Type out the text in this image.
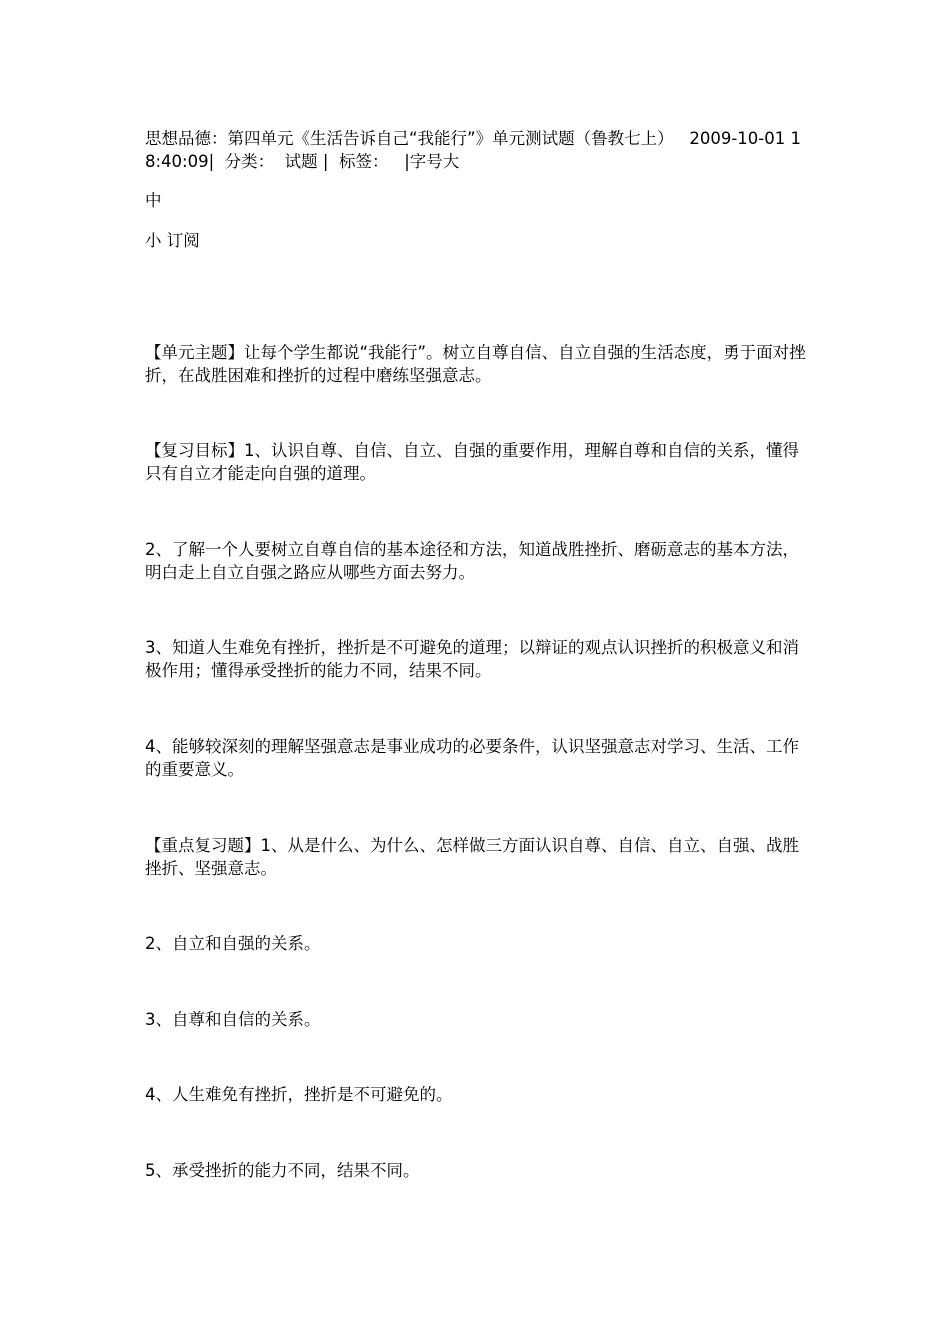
思想品德：第四单元《生活告诉自己“我能行”》单元测试题（鲁教七上） 2009-10-01 18:40:09| 分类： 试题 | 标签： |字号大

中

小 订阅

【单元主题】让每个学生都说“我能行”。树立自尊自信、自立自强的生活态度，勇于面对挫折，在战胜困难和挫折的过程中磨练坚强意志。

【复习目标】1、认识自尊、自信、自立、自强的重要作用，理解自尊和自信的关系，懂得只有自立才能走向自强的道理。

2、了解一个人要树立自尊自信的基本途径和方法，知道战胜挫折、磨砺意志的基本方法，明白走上自立自强之路应从哪些方面去努力。

3、知道人生难免有挫折，挫折是不可避免的道理；以辩证的观点认识挫折的积极意义和消极作用；懂得承受挫折的能力不同，结果不同。

4、能够较深刻的理解坚强意志是事业成功的必要条件，认识坚强意志对学习、生活、工作的重要意义。

【重点复习题】1、从是什么、为什么、怎样做三方面认识自尊、自信、自立、自强、战胜挫折、坚强意志。

2、自立和自强的关系。

3、自尊和自信的关系。

4、人生难免有挫折，挫折是不可避免的。

5、承受挫折的能力不同，结果不同。
